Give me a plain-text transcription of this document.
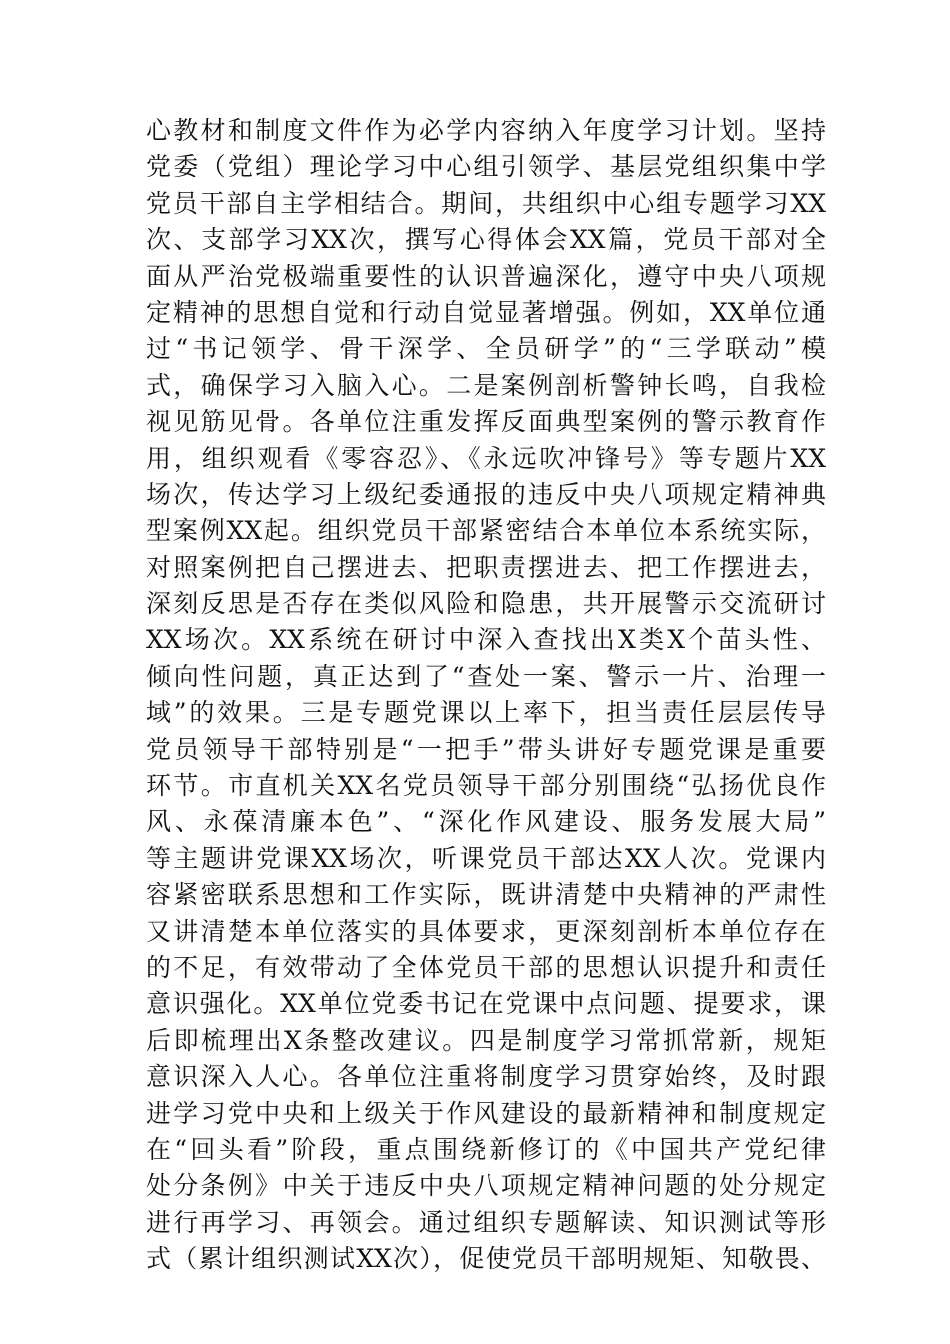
心教材和制度文件作为必学内容纳入年度学习计划。坚持
党委（党组）理论学习中心组引领学、基层党组织集中学
党员干部自主学相结合。期间，共组织中心组专题学习XX
次、支部学习XX次，撰写心得体会XX篇，党员干部对全
面从严治党极端重要性的认识普遍深化，遵守中央八项规
定精神的思想自觉和行动自觉显著增强。例如，XX单位通
过“书记领学、骨干深学、全员研学”的“三学联动”模
式，确保学习入脑入心。二是案例剖析警钟长鸣，自我检
视见筋见骨。各单位注重发挥反面典型案例的警示教育作
用，组织观看《零容忍》、《永远吹冲锋号》等专题片XX
场次，传达学习上级纪委通报的违反中央八项规定精神典
型案例XX起。组织党员干部紧密结合本单位本系统实际，
对照案例把自己摆进去、把职责摆进去、把工作摆进去，
深刻反思是否存在类似风险和隐患，共开展警示交流研讨
XX场次。XX系统在研讨中深入查找出X类X个苗头性、
倾向性问题，真正达到了“查处一案、警示一片、治理一
域”的效果。三是专题党课以上率下，担当责任层层传导
党员领导干部特别是“一把手”带头讲好专题党课是重要
环节。市直机关XX名党员领导干部分别围绕“弘扬优良作
风、永葆清廉本色”、“深化作风建设、服务发展大局”
等主题讲党课XX场次，听课党员干部达XX人次。党课内
容紧密联系思想和工作实际，既讲清楚中央精神的严肃性
又讲清楚本单位落实的具体要求，更深刻剖析本单位存在
的不足，有效带动了全体党员干部的思想认识提升和责任
意识强化。XX单位党委书记在党课中点问题、提要求，课
后即梳理出X条整改建议。四是制度学习常抓常新，规矩
意识深入人心。各单位注重将制度学习贯穿始终，及时跟
进学习党中央和上级关于作风建设的最新精神和制度规定
在“回头看”阶段，重点围绕新修订的《中国共产党纪律
处分条例》中关于违反中央八项规定精神问题的处分规定
进行再学习、再领会。通过组织专题解读、知识测试等形
式（累计组织测试XX次），促使党员干部明规矩、知敬畏、
